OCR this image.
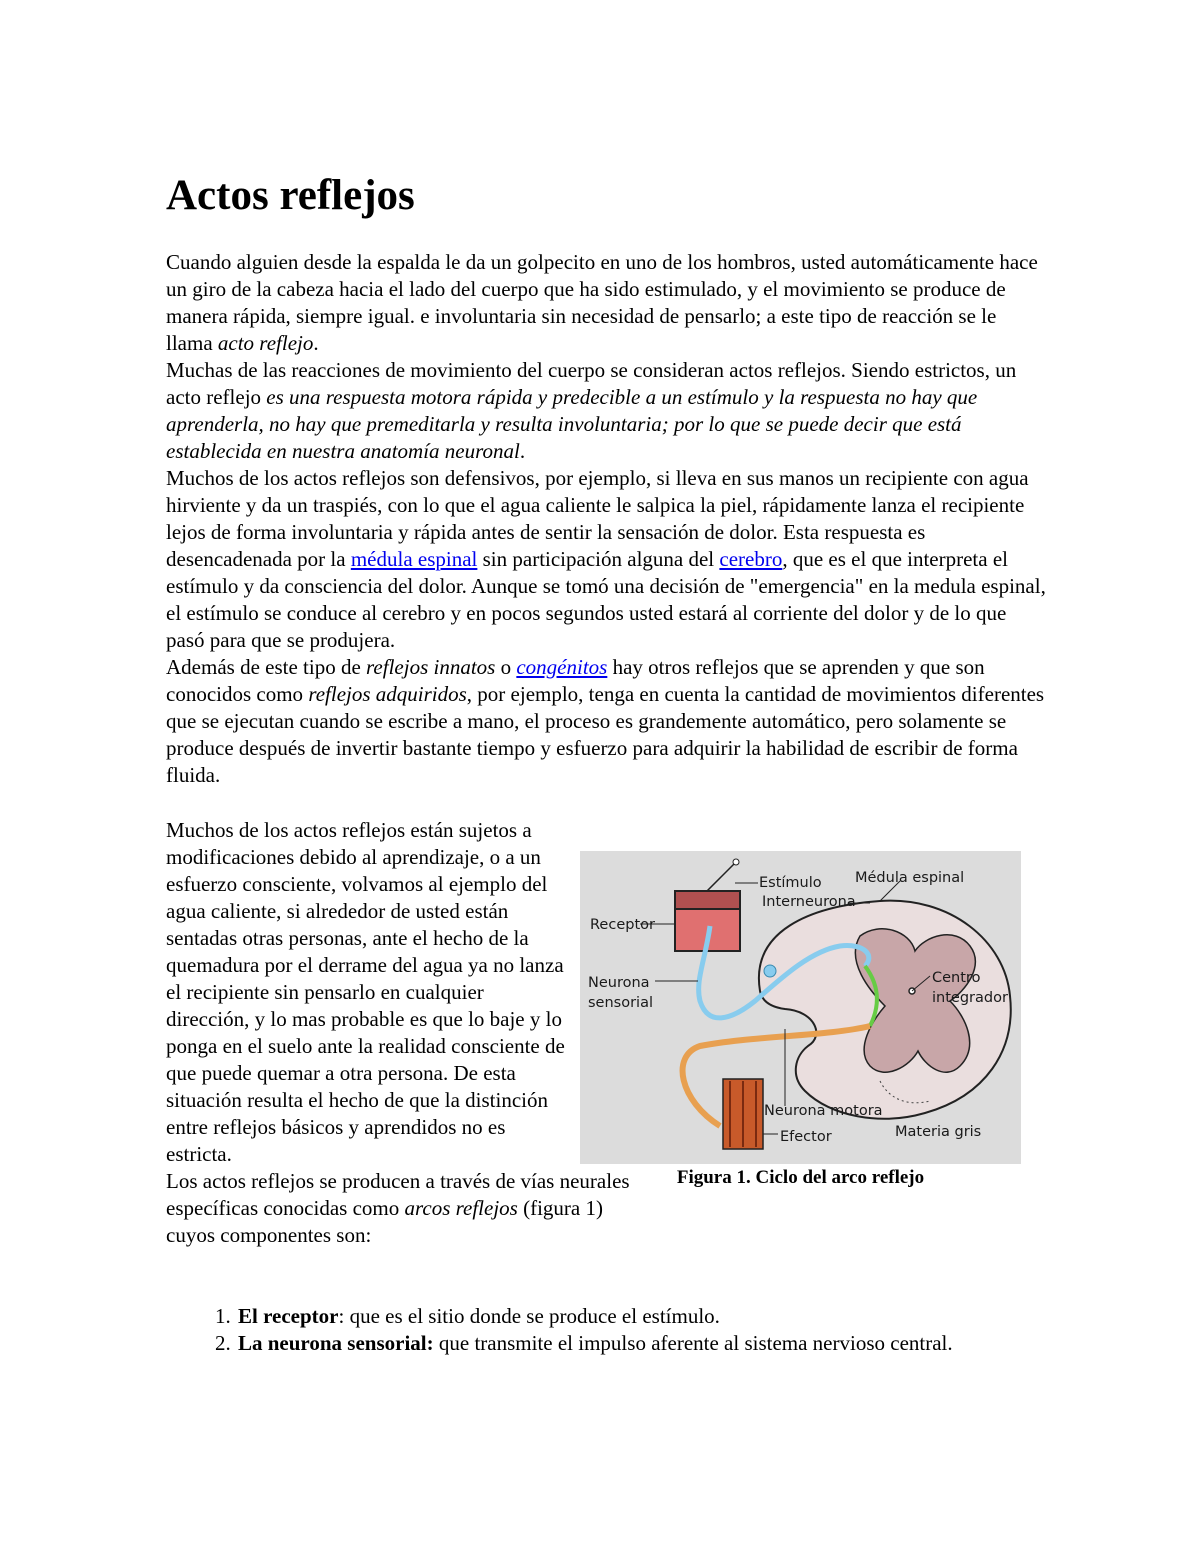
Actos reflejos

Cuando alguien desde la espalda le da un golpecito en uno de los hombros, usted automáticamente hace un giro de la cabeza hacia el lado del cuerpo que ha sido estimulado, y el movimiento se produce de manera rápida, siempre igual. e involuntaria sin necesidad de pensarlo; a este tipo de reacción se le llama acto reflejo.

Muchas de las reacciones de movimiento del cuerpo se consideran actos reflejos. Siendo estrictos, un acto reflejo es una respuesta motora rápida y predecible a un estímulo y la respuesta no hay que aprenderla, no hay que premeditarla y resulta involuntaria; por lo que se puede decir que está establecida en nuestra anatomía neuronal.

Muchos de los actos reflejos son defensivos, por ejemplo, si lleva en sus manos un recipiente con agua hirviente y da un traspiés, con lo que el agua caliente le salpica la piel, rápidamente lanza el recipiente lejos de forma involuntaria y rápida antes de sentir la sensación de dolor. Esta respuesta es desencadenada por la médula espinal sin participación alguna del cerebro, que es el que interpreta el estímulo y da consciencia del dolor. Aunque se tomó una decisión de "emergencia" en la medula espinal, el estímulo se conduce al cerebro y en pocos segundos usted estará al corriente del dolor y de lo que pasó para que se produjera.

Además de este tipo de reflejos innatos o congénitos hay otros reflejos que se aprenden y que son conocidos como reflejos adquiridos, por ejemplo, tenga en cuenta la cantidad de movimientos diferentes que se ejecutan cuando se escribe a mano, el proceso es grandemente automático, pero solamente se produce después de invertir bastante tiempo y esfuerzo para adquirir la habilidad de escribir de forma fluida.

Muchos de los actos reflejos están sujetos a modificaciones debido al aprendizaje, o a un esfuerzo consciente, volvamos al ejemplo del agua caliente, si alrededor de usted están sentadas otras personas, ante el hecho de la quemadura por el derrame del agua ya no lanza el recipiente sin pensarlo en cualquier dirección, y lo mas probable es que lo baje y lo ponga en el suelo ante la realidad consciente de que puede quemar a otra persona. De esta situación resulta el hecho de que la distinción entre reflejos básicos y aprendidos no es estricta.

Los actos reflejos se producen a través de vías neurales específicas conocidas como arcos reflejos (figura 1) cuyos componentes son:

Estímulo Médula espinal
Interneurona
Receptor
Neurona
sensorial
Centro
integrador
Neurona motora
Efector	Materia gris
Figura 1. Ciclo del arco reflejo
1. El receptor: que es el sitio donde se produce el estímulo.
2. La neurona sensorial: que transmite el impulso aferente al sistema nervioso central.
